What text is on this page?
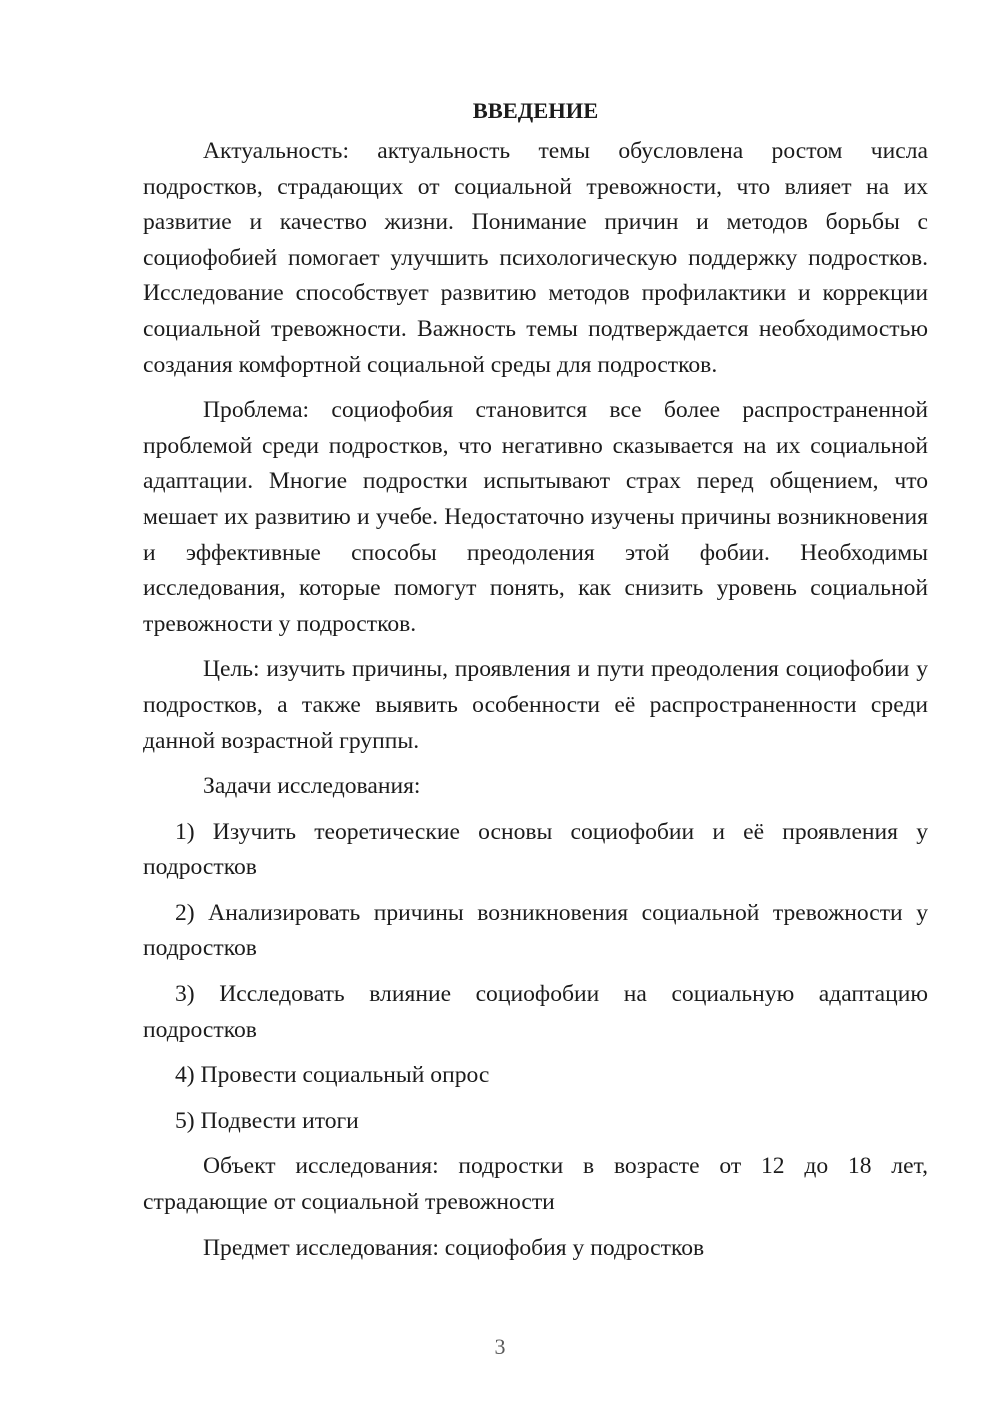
ВВЕДЕНИЕ

Актуальность: актуальность темы обусловлена ростом числа подростков, страдающих от социальной тревожности, что влияет на их развитие и качество жизни. Понимание причин и методов борьбы с социофобией помогает улучшить психологическую поддержку подростков. Исследование способствует развитию методов профилактики и коррекции социальной тревожности. Важность темы подтверждается необходимостью создания комфортной социальной среды для подростков.

Проблема: социофобия становится все более распространенной проблемой среди подростков, что негативно сказывается на их социальной адаптации. Многие подростки испытывают страх перед общением, что мешает их развитию и учебе. Недостаточно изучены причины возникновения и эффективные способы преодоления этой фобии. Необходимы исследования, которые помогут понять, как снизить уровень социальной тревожности у подростков.

Цель: изучить причины, проявления и пути преодоления социофобии у подростков, а также выявить особенности её распространенности среди данной возрастной группы.

Задачи исследования:

1) Изучить теоретические основы социофобии и её проявления у подростков

2) Анализировать причины возникновения социальной тревожности у подростков

3) Исследовать влияние социофобии на социальную адаптацию подростков

4) Провести социальный опрос

5) Подвести итоги

Объект исследования: подростки в возрасте от 12 до 18 лет, страдающие от социальной тревожности

Предмет исследования: социофобия у подростков

3
